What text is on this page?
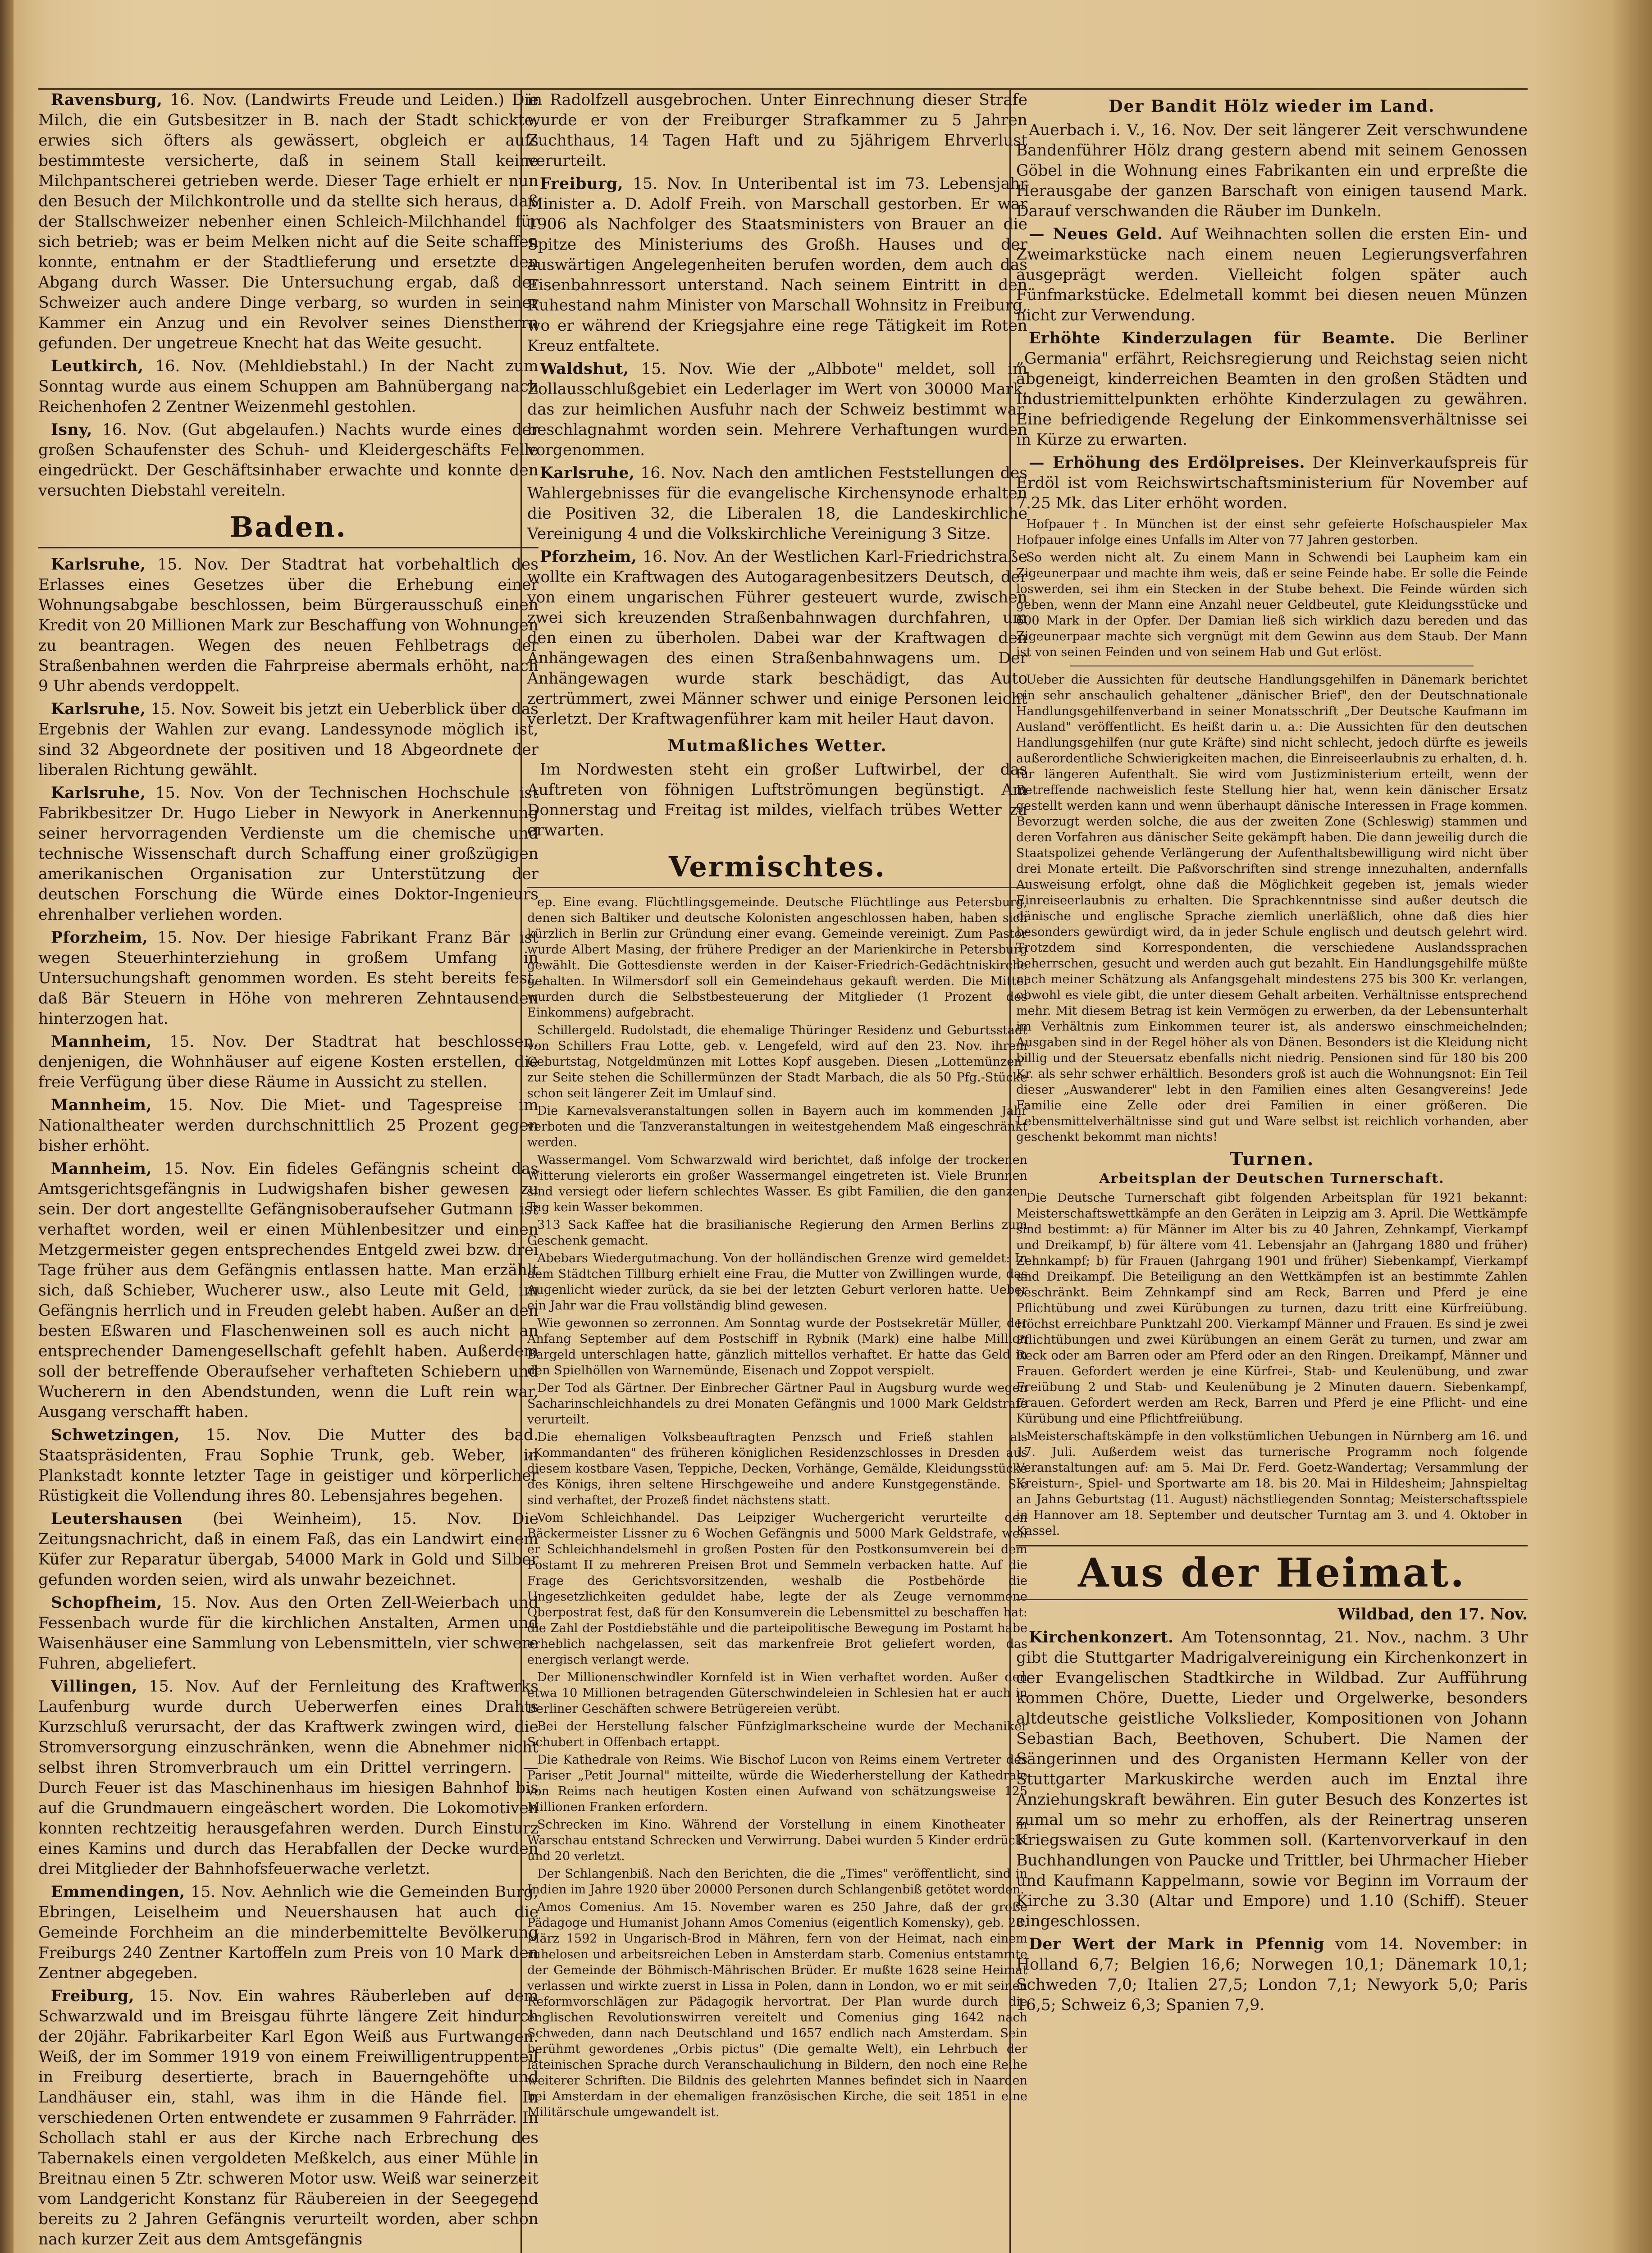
Ravensburg, 16. Nov. (Landwirts Freude und Leiden.) Die Milch, die ein Gutsbesitzer in B. nach der Stadt schickte, erwies sich öfters als gewässert, obgleich er aufs bestimmteste versicherte, daß in seinem Stall keine Milchpantscherei getrieben werde. Dieser Tage erhielt er nun den Besuch der Milchkontrolle und da stellte sich heraus, daß der Stallschweizer nebenher einen Schleich-Milchhandel für sich betrieb; was er beim Melken nicht auf die Seite schaffen konnte, entnahm er der Stadtlieferung und ersetzte den Abgang durch Wasser. Die Untersuchung ergab, daß der Schweizer auch andere Dinge verbarg, so wurden in seiner Kammer ein Anzug und ein Revolver seines Dienstherrn gefunden. Der ungetreue Knecht hat das Weite gesucht.

Leutkirch, 16. Nov. (Mehldiebstahl.) In der Nacht zum Sonntag wurde aus einem Schuppen am Bahnübergang nach Reichenhofen 2 Zentner Weizenmehl gestohlen.

Isny, 16. Nov. (Gut abgelaufen.) Nachts wurde eines der großen Schaufenster des Schuh- und Kleidergeschäfts Felle eingedrückt. Der Geschäftsinhaber erwachte und konnte den versuchten Diebstahl vereiteln.

Baden.

Karlsruhe, 15. Nov. Der Stadtrat hat vorbehaltlich des Erlasses eines Gesetzes über die Erhebung einer Wohnungsabgabe beschlossen, beim Bürgerausschuß einen Kredit von 20 Millionen Mark zur Beschaffung von Wohnungen zu beantragen. Wegen des neuen Fehlbetrags der Straßenbahnen werden die Fahrpreise abermals erhöht, nach 9 Uhr abends verdoppelt.

Karlsruhe, 15. Nov. Soweit bis jetzt ein Ueberblick über das Ergebnis der Wahlen zur evang. Landessynode möglich ist, sind 32 Abgeordnete der positiven und 18 Abgeordnete der liberalen Richtung gewählt.

Karlsruhe, 15. Nov. Von der Technischen Hochschule ist Fabrikbesitzer Dr. Hugo Lieber in Newyork in Anerkennung seiner hervorragenden Verdienste um die chemische und technische Wissenschaft durch Schaffung einer großzügigen amerikanischen Organisation zur Unterstützung der deutschen Forschung die Würde eines Doktor-Ingenieurs ehrenhalber verliehen worden.

Pforzheim, 15. Nov. Der hiesige Fabrikant Franz Bär ist wegen Steuerhinterziehung in großem Umfang in Untersuchungshaft genommen worden. Es steht bereits fest, daß Bär Steuern in Höhe von mehreren Zehntausenden hinterzogen hat.

Mannheim, 15. Nov. Der Stadtrat hat beschlossen, denjenigen, die Wohnhäuser auf eigene Kosten erstellen, die freie Verfügung über diese Räume in Aussicht zu stellen.

Mannheim, 15. Nov. Die Miet- und Tagespreise im Nationaltheater werden durchschnittlich 25 Prozent gegen bisher erhöht.

Mannheim, 15. Nov. Ein fideles Gefängnis scheint das Amtsgerichtsgefängnis in Ludwigshafen bisher gewesen zu sein. Der dort angestellte Gefängnisoberaufseher Gutmann ist verhaftet worden, weil er einen Mühlenbesitzer und einen Metzgermeister gegen entsprechendes Entgeld zwei bzw. drei Tage früher aus dem Gefängnis entlassen hatte. Man erzählt sich, daß Schieber, Wucherer usw., also Leute mit Geld, im Gefängnis herrlich und in Freuden gelebt haben. Außer an den besten Eßwaren und Flaschenweinen soll es auch nicht an entsprechender Damengesellschaft gefehlt haben. Außerdem soll der betreffende Oberaufseher verhafteten Schiebern und Wucherern in den Abendstunden, wenn die Luft rein war, Ausgang verschafft haben.

Schwetzingen, 15. Nov. Die Mutter des bad. Staatspräsidenten, Frau Sophie Trunk, geb. Weber, in Plankstadt konnte letzter Tage in geistiger und körperlicher Rüstigkeit die Vollendung ihres 80. Lebensjahres begehen.

Leutershausen (bei Weinheim), 15. Nov. Die Zeitungsnachricht, daß in einem Faß, das ein Landwirt einem Küfer zur Reparatur übergab, 54000 Mark in Gold und Silber gefunden worden seien, wird als unwahr bezeichnet.

Schopfheim, 15. Nov. Aus den Orten Zell-Weierbach und Fessenbach wurde für die kirchlichen Anstalten, Armen und Waisenhäuser eine Sammlung von Lebensmitteln, vier schwere Fuhren, abgeliefert.

Villingen, 15. Nov. Auf der Fernleitung des Kraftwerks Laufenburg wurde durch Ueberwerfen eines Drahts Kurzschluß verursacht, der das Kraftwerk zwingen wird, die Stromversorgung einzuschränken, wenn die Abnehmer nicht selbst ihren Stromverbrauch um ein Drittel verringern. — Durch Feuer ist das Maschinenhaus im hiesigen Bahnhof bis auf die Grundmauern eingeäschert worden. Die Lokomotiven konnten rechtzeitig herausgefahren werden. Durch Einsturz eines Kamins und durch das Herabfallen der Decke wurden drei Mitglieder der Bahnhofsfeuerwache verletzt.

Emmendingen, 15. Nov. Aehnlich wie die Gemeinden Burg, Ebringen, Leiselheim und Neuershausen hat auch die Gemeinde Forchheim an die minderbemittelte Bevölkerung Freiburgs 240 Zentner Kartoffeln zum Preis von 10 Mark den Zentner abgegeben.

Freiburg, 15. Nov. Ein wahres Räuberleben auf dem Schwarzwald und im Breisgau führte längere Zeit hindurch der 20jähr. Fabrikarbeiter Karl Egon Weiß aus Furtwangen. Weiß, der im Sommer 1919 von einem Freiwilligentruppenteil in Freiburg desertierte, brach in Bauerngehöfte und Landhäuser ein, stahl, was ihm in die Hände fiel. In verschiedenen Orten entwendete er zusammen 9 Fahrräder. In Schollach stahl er aus der Kirche nach Erbrechung des Tabernakels einen vergoldeten Meßkelch, aus einer Mühle in Breitnau einen 5 Ztr. schweren Motor usw. Weiß war seinerzeit vom Landgericht Konstanz für Räubereien in der Seegegend bereits zu 2 Jahren Gefängnis verurteilt worden, aber schon nach kurzer Zeit aus dem Amtsgefängnis

in Radolfzell ausgebrochen. Unter Einrechnung dieser Strafe wurde er von der Freiburger Strafkammer zu 5 Jahren Zuchthaus, 14 Tagen Haft und zu 5jährigem Ehrverlust verurteilt.

Freiburg, 15. Nov. In Unteribental ist im 73. Lebensjahr Minister a. D. Adolf Freih. von Marschall gestorben. Er war 1906 als Nachfolger des Staatsministers von Brauer an die Spitze des Ministeriums des Großh. Hauses und der auswärtigen Angelegenheiten berufen worden, dem auch das Eisenbahnressort unterstand. Nach seinem Eintritt in den Ruhestand nahm Minister von Marschall Wohnsitz in Freiburg, wo er während der Kriegsjahre eine rege Tätigkeit im Roten Kreuz entfaltete.

Waldshut, 15. Nov. Wie der „Albbote" meldet, soll im Zollausschlußgebiet ein Lederlager im Wert von 30000 Mark, das zur heimlichen Ausfuhr nach der Schweiz bestimmt war, beschlagnahmt worden sein. Mehrere Verhaftungen wurden vorgenommen.

Karlsruhe, 16. Nov. Nach den amtlichen Feststellungen des Wahlergebnisses für die evangelische Kirchensynode erhalten die Positiven 32, die Liberalen 18, die Landeskirchliche Vereinigung 4 und die Volkskirchliche Vereinigung 3 Sitze.

Pforzheim, 16. Nov. An der Westlichen Karl-Friedrichstraße wollte ein Kraftwagen des Autogaragenbesitzers Deutsch, der von einem ungarischen Führer gesteuert wurde, zwischen zwei sich kreuzenden Straßenbahnwagen durchfahren, um den einen zu überholen. Dabei war der Kraftwagen den Anhängewagen des einen Straßenbahnwagens um. Der Anhängewagen wurde stark beschädigt, das Auto zertrümmert, zwei Männer schwer und einige Personen leicht verletzt. Der Kraftwagenführer kam mit heiler Haut davon.

Mutmaßliches Wetter.

Im Nordwesten steht ein großer Luftwirbel, der das Auftreten von föhnigen Luftströmungen begünstigt. Am Donnerstag und Freitag ist mildes, vielfach trübes Wetter zu erwarten.

Vermischtes.

ep. Eine evang. Flüchtlingsgemeinde. Deutsche Flüchtlinge aus Petersburg, denen sich Baltiker und deutsche Kolonisten angeschlossen haben, haben sich kürzlich in Berlin zur Gründung einer evang. Gemeinde vereinigt. Zum Pastor wurde Albert Masing, der frühere Prediger an der Marienkirche in Petersburg gewählt. Die Gottesdienste werden in der Kaiser-Friedrich-Gedächtniskirche gehalten. In Wilmersdorf soll ein Gemeindehaus gekauft werden. Die Mittel wurden durch die Selbstbesteuerung der Mitglieder (1 Prozent des Einkommens) aufgebracht.

Schillergeld. Rudolstadt, die ehemalige Thüringer Residenz und Geburtsstadt von Schillers Frau Lotte, geb. v. Lengefeld, wird auf den 23. Nov. ihrem Geburtstag, Notgeldmünzen mit Lottes Kopf ausgeben. Diesen „Lottemünzen" zur Seite stehen die Schillermünzen der Stadt Marbach, die als 50 Pfg.-Stücke schon seit längerer Zeit im Umlauf sind.

Die Karnevalsveranstaltungen sollen in Bayern auch im kommenden Jahr verboten und die Tanzveranstaltungen in weitestgehendem Maß eingeschränkt werden.

Wassermangel. Vom Schwarzwald wird berichtet, daß infolge der trockenen Witterung vielerorts ein großer Wassermangel eingetreten ist. Viele Brunnen sind versiegt oder liefern schlechtes Wasser. Es gibt Familien, die den ganzen Tag kein Wasser bekommen.

313 Sack Kaffee hat die brasilianische Regierung den Armen Berlins zum Geschenk gemacht.

Abebars Wiedergutmachung. Von der holländischen Grenze wird gemeldet: In dem Städtchen Tillburg erhielt eine Frau, die Mutter von Zwillingen wurde, das Augenlicht wieder zurück, da sie bei der letzten Geburt verloren hatte. Ueber ein Jahr war die Frau vollständig blind gewesen.

Wie gewonnen so zerronnen. Am Sonntag wurde der Postsekretär Müller, der Anfang September auf dem Postschiff in Rybnik (Mark) eine halbe Million Bargeld unterschlagen hatte, gänzlich mittellos verhaftet. Er hatte das Geld in den Spielhöllen von Warnemünde, Eisenach und Zoppot verspielt.

Der Tod als Gärtner. Der Einbrecher Gärtner Paul in Augsburg wurde wegen Sacharinschleichhandels zu drei Monaten Gefängnis und 1000 Mark Geldstrafe verurteilt.

Die ehemaligen Volksbeauftragten Penzsch und Frieß stahlen als „Kommandanten" des früheren königlichen Residenzschlosses in Dresden aus diesem kostbare Vasen, Teppiche, Decken, Vorhänge, Gemälde, Kleidungsstücke des Königs, ihren seltene Hirschgeweihe und andere Kunstgegenstände. Sie sind verhaftet, der Prozeß findet nächstens statt.

Vom Schleichhandel. Das Leipziger Wuchergericht verurteilte den Bäckermeister Lissner zu 6 Wochen Gefängnis und 5000 Mark Geldstrafe, weil er Schleichhandelsmehl in großen Posten für den Postkonsumverein bei dem Postamt II zu mehreren Preisen Brot und Semmeln verbacken hatte. Auf die Frage des Gerichtsvorsitzenden, weshalb die Postbehörde die Ungesetzlichkeiten geduldet habe, legte der als Zeuge vernommene Oberpostrat fest, daß für den Konsumverein die Lebensmittel zu beschaffen hat: die Zahl der Postdiebstähle und die parteipolitische Bewegung im Postamt habe erheblich nachgelassen, seit das markenfreie Brot geliefert worden, das energisch verlangt werde.

Der Millionenschwindler Kornfeld ist in Wien verhaftet worden. Außer den etwa 10 Millionen betragenden Güterschwindeleien in Schlesien hat er auch in Berliner Geschäften schwere Betrügereien verübt.

Bei der Herstellung falscher Fünfziglmarkscheine wurde der Mechaniker Schubert in Offenbach ertappt.

Die Kathedrale von Reims. Wie Bischof Lucon von Reims einem Vertreter des Pariser „Petit Journal" mitteilte, würde die Wiederherstellung der Kathedrale von Reims nach heutigen Kosten einen Aufwand von schätzungsweise 125 Millionen Franken erfordern.

Schrecken im Kino. Während der Vorstellung in einem Kinotheater in Warschau entstand Schrecken und Verwirrung. Dabei wurden 5 Kinder erdrückt und 20 verletzt.

Der Schlangenbiß. Nach den Berichten, die die „Times" veröffentlicht, sind in Indien im Jahre 1920 über 20000 Personen durch Schlangenbiß getötet worden.

Amos Comenius. Am 15. November waren es 250 Jahre, daß der große Pädagoge und Humanist Johann Amos Comenius (eigentlich Komensky), geb. 28. März 1592 in Ungarisch-Brod in Mähren, fern von der Heimat, nach einem ruhelosen und arbeitsreichen Leben in Amsterdam starb. Comenius entstammte der Gemeinde der Böhmisch-Mährischen Brüder. Er mußte 1628 seine Heimat verlassen und wirkte zuerst in Lissa in Polen, dann in London, wo er mit seinen Reformvorschlägen zur Pädagogik hervortrat. Der Plan wurde durch die englischen Revolutionswirren vereitelt und Comenius ging 1642 nach Schweden, dann nach Deutschland und 1657 endlich nach Amsterdam. Sein berühmt gewordenes „Orbis pictus" (Die gemalte Welt), ein Lehrbuch der lateinischen Sprache durch Veranschaulichung in Bildern, den noch eine Reihe weiterer Schriften. Die Bildnis des gelehrten Mannes befindet sich in Naarden bei Amsterdam in der ehemaligen französischen Kirche, die seit 1851 in eine Militärschule umgewandelt ist.

Der Bandit Hölz wieder im Land.

Auerbach i. V., 16. Nov. Der seit längerer Zeit verschwundene Bandenführer Hölz drang gestern abend mit seinem Genossen Göbel in die Wohnung eines Fabrikanten ein und erpreßte die Herausgabe der ganzen Barschaft von einigen tausend Mark. Darauf verschwanden die Räuber im Dunkeln.

— Neues Geld. Auf Weihnachten sollen die ersten Ein- und Zweimarkstücke nach einem neuen Legierungsverfahren ausgeprägt werden. Vielleicht folgen später auch Fünfmarkstücke. Edelmetall kommt bei diesen neuen Münzen nicht zur Verwendung.

Erhöhte Kinderzulagen für Beamte. Die Berliner „Germania" erfährt, Reichsregierung und Reichstag seien nicht abgeneigt, kinderreichen Beamten in den großen Städten und Industriemittelpunkten erhöhte Kinderzulagen zu gewähren. Eine befriedigende Regelung der Einkommensverhältnisse sei in Kürze zu erwarten.

— Erhöhung des Erdölpreises. Der Kleinverkaufspreis für Erdöl ist vom Reichswirtschaftsministerium für November auf 7.25 Mk. das Liter erhöht worden.

Hofpauer †. In München ist der einst sehr gefeierte Hofschauspieler Max Hofpauer infolge eines Unfalls im Alter von 77 Jahren gestorben.

So werden nicht alt. Zu einem Mann in Schwendi bei Laupheim kam ein Zigeunerpaar und machte ihm weis, daß er seine Feinde habe. Er solle die Feinde loswerden, sei ihm ein Stecken in der Stube behext. Die Feinde würden sich geben, wenn der Mann eine Anzahl neuer Geldbeutel, gute Kleidungsstücke und 600 Mark in der Opfer. Der Damian ließ sich wirklich dazu bereden und das Zigeunerpaar machte sich vergnügt mit dem Gewinn aus dem Staub. Der Mann ist von seinen Feinden und von seinem Hab und Gut erlöst.

Ueber die Aussichten für deutsche Handlungsgehilfen in Dänemark berichtet ein sehr anschaulich gehaltener „dänischer Brief", den der Deutschnationale Handlungsgehilfenverband in seiner Monatsschrift „Der Deutsche Kaufmann im Ausland" veröffentlicht. Es heißt darin u. a.: Die Aussichten für den deutschen Handlungsgehilfen (nur gute Kräfte) sind nicht schlecht, jedoch dürfte es jeweils außerordentliche Schwierigkeiten machen, die Einreiseerlaubnis zu erhalten, d. h. für längeren Aufenthalt. Sie wird vom Justizministerium erteilt, wenn der Betreffende nachweislich feste Stellung hier hat, wenn kein dänischer Ersatz gestellt werden kann und wenn überhaupt dänische Interessen in Frage kommen. Bevorzugt werden solche, die aus der zweiten Zone (Schleswig) stammen und deren Vorfahren aus dänischer Seite gekämpft haben. Die dann jeweilig durch die Staatspolizei gehende Verlängerung der Aufenthaltsbewilligung wird nicht über drei Monate erteilt. Die Paßvorschriften sind strenge innezuhalten, andernfalls Ausweisung erfolgt, ohne daß die Möglichkeit gegeben ist, jemals wieder Einreiseerlaubnis zu erhalten. Die Sprachkenntnisse sind außer deutsch die dänische und englische Sprache ziemlich unerläßlich, ohne daß dies hier besonders gewürdigt wird, da in jeder Schule englisch und deutsch gelehrt wird. Trotzdem sind Korrespondenten, die verschiedene Auslandssprachen beherrschen, gesucht und werden auch gut bezahlt. Ein Handlungsgehilfe müßte nach meiner Schätzung als Anfangsgehalt mindestens 275 bis 300 Kr. verlangen, obwohl es viele gibt, die unter diesem Gehalt arbeiten. Verhältnisse entsprechend mehr. Mit diesem Betrag ist kein Vermögen zu erwerben, da der Lebensunterhalt im Verhältnis zum Einkommen teurer ist, als anderswo einschmeichelnden; Ausgaben sind in der Regel höher als von Dänen. Besonders ist die Kleidung nicht billig und der Steuersatz ebenfalls nicht niedrig. Pensionen sind für 180 bis 200 Kr. als sehr schwer erhältlich. Besonders groß ist auch die Wohnungsnot: Ein Teil dieser „Auswanderer" lebt in den Familien eines alten Gesangvereins! Jede Familie eine Zelle oder drei Familien in einer größeren. Die Lebensmittelverhältnisse sind gut und Ware selbst ist reichlich vorhanden, aber geschenkt bekommt man nichts!

Turnen.
Arbeitsplan der Deutschen Turnerschaft.

Die Deutsche Turnerschaft gibt folgenden Arbeitsplan für 1921 bekannt: Meisterschaftswettkämpfe an den Geräten in Leipzig am 3. April. Die Wettkämpfe sind bestimmt: a) für Männer im Alter bis zu 40 Jahren, Zehnkampf, Vierkampf und Dreikampf, b) für ältere vom 41. Lebensjahr an (Jahrgang 1880 und früher) Zehnkampf; b) für Frauen (Jahrgang 1901 und früher) Siebenkampf, Vierkampf und Dreikampf. Die Beteiligung an den Wettkämpfen ist an bestimmte Zahlen beschränkt. Beim Zehnkampf sind am Reck, Barren und Pferd je eine Pflichtübung und zwei Kürübungen zu turnen, dazu tritt eine Kürfreiübung. Höchst erreichbare Punktzahl 200. Vierkampf Männer und Frauen. Es sind je zwei Pflichtübungen und zwei Kürübungen an einem Gerät zu turnen, und zwar am Reck oder am Barren oder am Pferd oder an den Ringen. Dreikampf, Männer und Frauen. Gefordert werden je eine Kürfrei-, Stab- und Keulenübung, und zwar Freiübung 2 und Stab- und Keulenübung je 2 Minuten dauern. Siebenkampf, Frauen. Gefordert werden am Reck, Barren und Pferd je eine Pflicht- und eine Kürübung und eine Pflichtfreiübung.

Meisterschaftskämpfe in den volkstümlichen Uebungen in Nürnberg am 16. und 17. Juli. Außerdem weist das turnerische Programm noch folgende Veranstaltungen auf: am 5. Mai Dr. Ferd. Goetz-Wandertag; Versammlung der Kreisturn-, Spiel- und Sportwarte am 18. bis 20. Mai in Hildesheim; Jahnspieltag an Jahns Geburtstag (11. August) nächstliegenden Sonntag; Meisterschaftsspiele in Hannover am 18. September und deutscher Turntag am 3. und 4. Oktober in Kassel.

Aus der Heimat.

Wildbad, den 17. Nov.

Kirchenkonzert. Am Totensonntag, 21. Nov., nachm. 3 Uhr gibt die Stuttgarter Madrigalvereinigung ein Kirchenkonzert in der Evangelischen Stadtkirche in Wildbad. Zur Aufführung kommen Chöre, Duette, Lieder und Orgelwerke, besonders altdeutsche geistliche Volkslieder, Kompositionen von Johann Sebastian Bach, Beethoven, Schubert. Die Namen der Sängerinnen und des Organisten Hermann Keller von der Stuttgarter Markuskirche werden auch im Enztal ihre Anziehungskraft bewähren. Ein guter Besuch des Konzertes ist zumal um so mehr zu erhoffen, als der Reinertrag unseren Kriegswaisen zu Gute kommen soll. (Kartenvorverkauf in den Buchhandlungen von Paucke und Trittler, bei Uhrmacher Hieber und Kaufmann Kappelmann, sowie vor Beginn im Vorraum der Kirche zu 3.30 (Altar und Empore) und 1.10 (Schiff). Steuer eingeschlossen.

Der Wert der Mark in Pfennig vom 14. November: in Holland 6,7; Belgien 16,6; Norwegen 10,1; Dänemark 10,1; Schweden 7,0; Italien 27,5; London 7,1; Newyork 5,0; Paris 16,5; Schweiz 6,3; Spanien 7,9.
